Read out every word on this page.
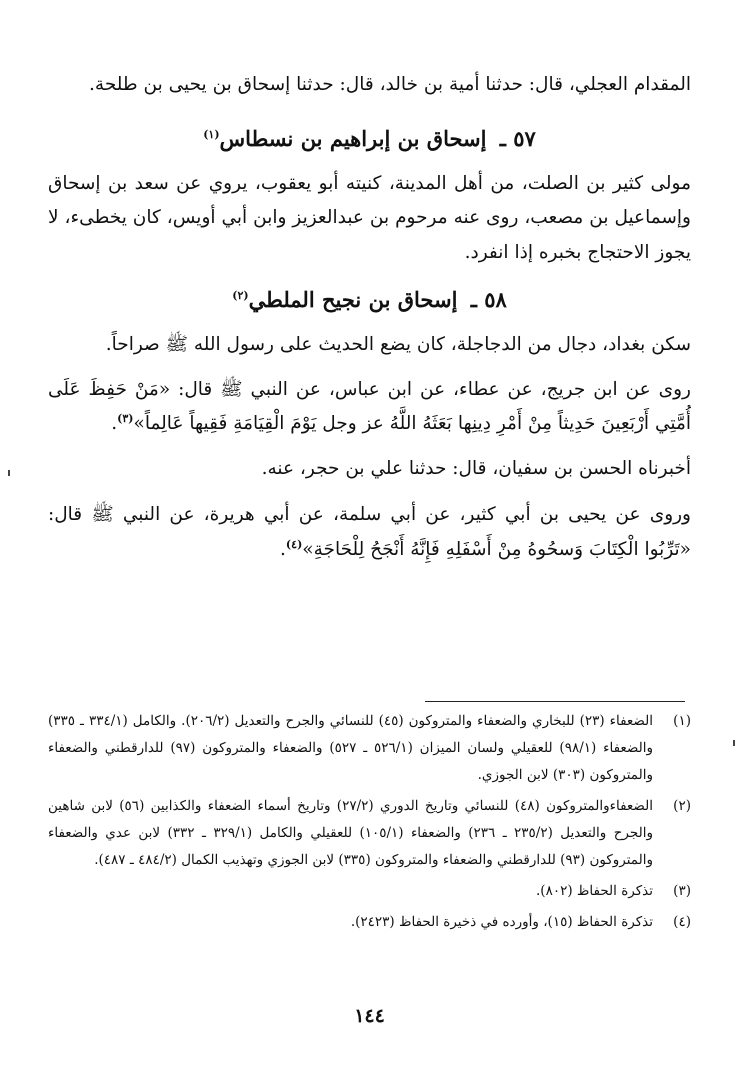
المقدام العجلي، قال: حدثنا أمية بن خالد، قال: حدثنا إسحاق بن يحيى بن طلحة.

٥٧ ـ إسحاق بن إبراهيم بن نسطاس$^{(١)}$

مولى كثير بن الصلت، من أهل المدينة، كنيته أبو يعقوب، يروي عن سعد بن إسحاق وإسماعيل بن مصعب، روى عنه مرحوم بن عبدالعزيز وابن أبي أويس، كان يخطىء، لا يجوز الاحتجاج بخبره إذا انفرد.

٥٨ ـ إسحاق بن نجيح الملطي$^{(٢)}$

سكن بغداد، دجال من الدجاجلة، كان يضع الحديث على رسول الله ﷺ صراحاً.

روى عن ابن جريج، عن عطاء، عن ابن عباس، عن النبي ﷺ قال: «مَنْ حَفِظَ عَلَى أُمَّتِي أَرْبَعِينَ حَدِيثاً مِنْ أَمْرِ دِينِها بَعَثَهُ اللَّهُ عز وجل يَوْمَ الْقِيَامَةِ فَقِيهاً عَالِماً»$^{(٣)}$.

أخبرناه الحسن بن سفيان، قال: حدثنا علي بن حجر، عنه.

وروى عن يحيى بن أبي كثير، عن أبي سلمة، عن أبي هريرة، عن النبي ﷺ قال: «تَرِّبُوا الْكِتَابَ وَسحُوهُ مِنْ أَسْفَلِهِ فَإِنَّهُ أَنْجَحُ لِلْحَاجَةِ»$^{(٤)}$.

(١)
الضعفاء (٢٣) للبخاري والضعفاء والمتروكون (٤٥) للنسائي والجرح والتعديل (٢٠٦/٢). والكامل (٣٣٤/١ ـ ٣٣٥) والضعفاء (٩٨/١) للعقيلي ولسان الميزان (٥٢٦/١ ـ ٥٢٧) والضعفاء والمتروكون (٩٧) للدارقطني والضعفاء والمتروكون (٣٠٣) لابن الجوزي.
(٢)
الضعفاءوالمتروكون (٤٨) للنسائي وتاريخ الدوري (٢٧/٢) وتاريخ أسماء الضعفاء والكذابين (٥٦) لابن شاهين والجرح والتعديل (٢٣٥/٢ ـ ٢٣٦) والضعفاء (١٠٥/١) للعقيلي والكامل (٣٢٩/١ ـ ٣٣٢) لابن عدي والضعفاء والمتروكون (٩٣) للدارقطني والضعفاء والمتروكون (٣٣٥) لابن الجوزي وتهذيب الكمال (٤٨٤/٢ ـ ٤٨٧).
(٣)
تذكرة الحفاظ (٨٠٢).
(٤)
تذكرة الحفاظ (١٥)، وأورده في ذخيرة الحفاظ (٢٤٢٣).
١٤٤
